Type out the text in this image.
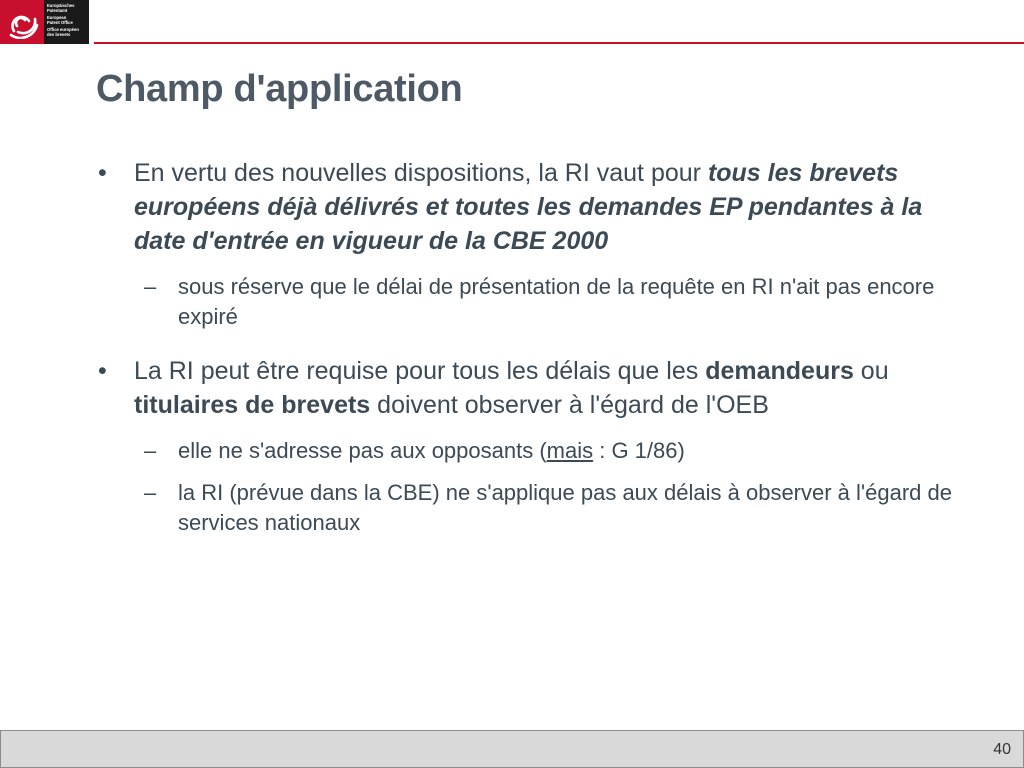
Europäisches
Patentamt
European
Patent Office
Office européen
des brevets
Champ d'application
• En vertu des nouvelles dispositions, la RI vaut pour tous les brevets européens déjà délivrés et toutes les demandes EP pendantes à la date d'entrée en vigueur de la CBE 2000
– sous réserve que le délai de présentation de la requête en RI n'ait pas encore expiré
• La RI peut être requise pour tous les délais que les demandeurs ou titulaires de brevets doivent observer à l'égard de l'OEB
– elle ne s'adresse pas aux opposants (mais : G 1/86)
– la RI (prévue dans la CBE) ne s'applique pas aux délais à observer à l'égard de services nationaux
40
